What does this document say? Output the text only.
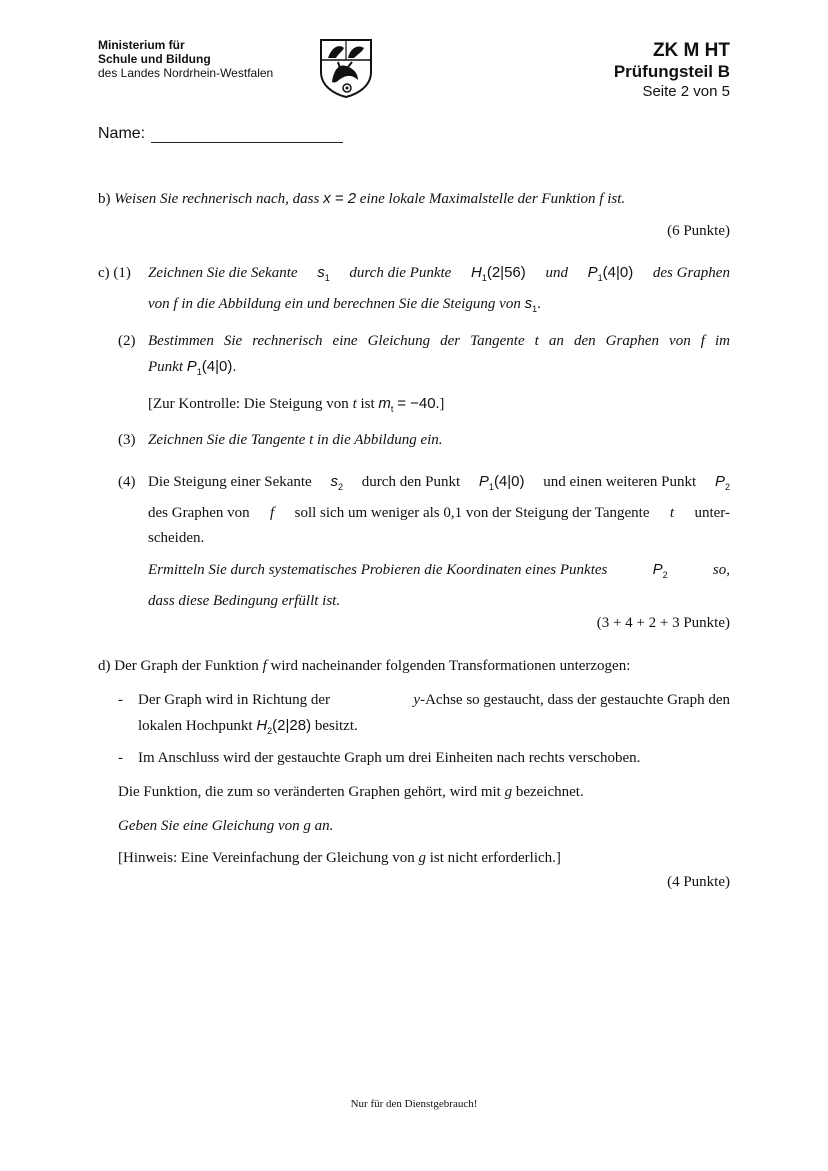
Ministerium für
Schule und Bildung
des Landes Nordrhein-Westfalen
ZK M HT
Prüfungsteil B
Seite 2 von 5
Name:
b) Weisen Sie rechnerisch nach, dass x = 2 eine lokale Maximalstelle der Funktion f ist.
(6 Punkte)
c) (1) Zeichnen Sie die Sekante $s_1$ durch die Punkte $H_1(2|56)$ und $P_1(4|0)$ des Graphen
von f in die Abbildung ein und berechnen Sie die Steigung von $s_1$.
(2) Bestimmen Sie rechnerisch eine Gleichung der Tangente t an den Graphen von f im
Punkt $P_1(4|0)$.
[Zur Kontrolle: Die Steigung von t ist $m_t = -40$.]
(3) Zeichnen Sie die Tangente t in die Abbildung ein.
(4) Die Steigung einer Sekante $s_2$ durch den Punkt $P_1(4|0)$ und einen weiteren Punkt $P_2$
des Graphen von f soll sich um weniger als 0,1 von der Steigung der Tangente t unter-
scheiden.
Ermitteln Sie durch systematisches Probieren die Koordinaten eines Punktes	$P_2$	so,
dass diese Bedingung erfüllt ist.
(3 + 4 + 2 + 3 Punkte)
d) Der Graph der Funktion f wird nacheinander folgenden Transformationen unterzogen:
- Der Graph wird in Richtung der	y-Achse so gestaucht, dass der gestauchte Graph den
lokalen Hochpunkt $H_2(2|28)$ besitzt.
- Im Anschluss wird der gestauchte Graph um drei Einheiten nach rechts verschoben.
Die Funktion, die zum so veränderten Graphen gehört, wird mit g bezeichnet.
Geben Sie eine Gleichung von g an.
[Hinweis: Eine Vereinfachung der Gleichung von g ist nicht erforderlich.]
(4 Punkte)
Nur für den Dienstgebrauch!
